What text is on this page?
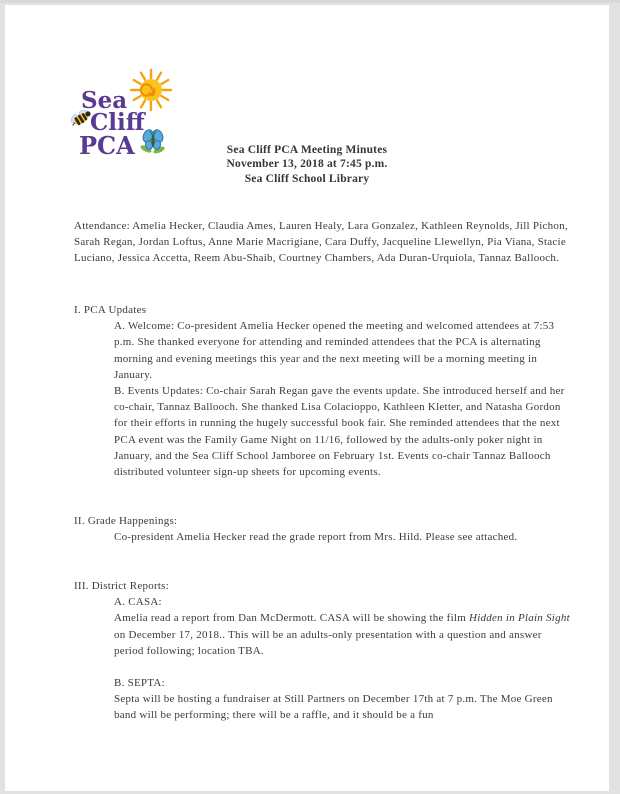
Sea
Cliff
PCA	Sea Cliff PCA Meeting Minutes
November 13, 2018 at 7:45 p.m.
Sea Cliff School Library

Attendance: Amelia Hecker, Claudia Ames, Lauren Healy, Lara Gonzalez, Kathleen Reynolds, Jill Pichon, Sarah Regan, Jordan Loftus, Anne Marie Macrigiane, Cara Duffy, Jacqueline Llewellyn, Pia Viana, Stacie Luciano, Jessica Accetta, Reem Abu-Shaib, Courtney Chambers, Ada Duran-Urquiola, Tannaz Ballooch.

I. PCA Updates

A. Welcome: Co-president Amelia Hecker opened the meeting and welcomed attendees at 7:53 p.m. She thanked everyone for attending and reminded attendees that the PCA is alternating morning and evening meetings this year and the next meeting will be a morning meeting in January.

B. Events Updates: Co-chair Sarah Regan gave the events update. She introduced herself and her co-chair, Tannaz Ballooch. She thanked Lisa Colacioppo, Kathleen Kletter, and Natasha Gordon for their efforts in running the hugely successful book fair. She reminded attendees that the next PCA event was the Family Game Night on 11/16, followed by the adults-only poker night in January, and the Sea Cliff School Jamboree on February 1st. Events co-chair Tannaz Ballooch distributed volunteer sign-up sheets for upcoming events.

II. Grade Happenings:

Co-president Amelia Hecker read the grade report from Mrs. Hild. Please see attached.

III. District Reports:

A. CASA:

Amelia read a report from Dan McDermott. CASA will be showing the film Hidden in Plain Sight on December 17, 2018.. This will be an adults-only presentation with a question and answer period following; location TBA.

B. SEPTA:

Septa will be hosting a fundraiser at Still Partners on December 17th at 7 p.m. The Moe Green band will be performing; there will be a raffle, and it should be a fun
